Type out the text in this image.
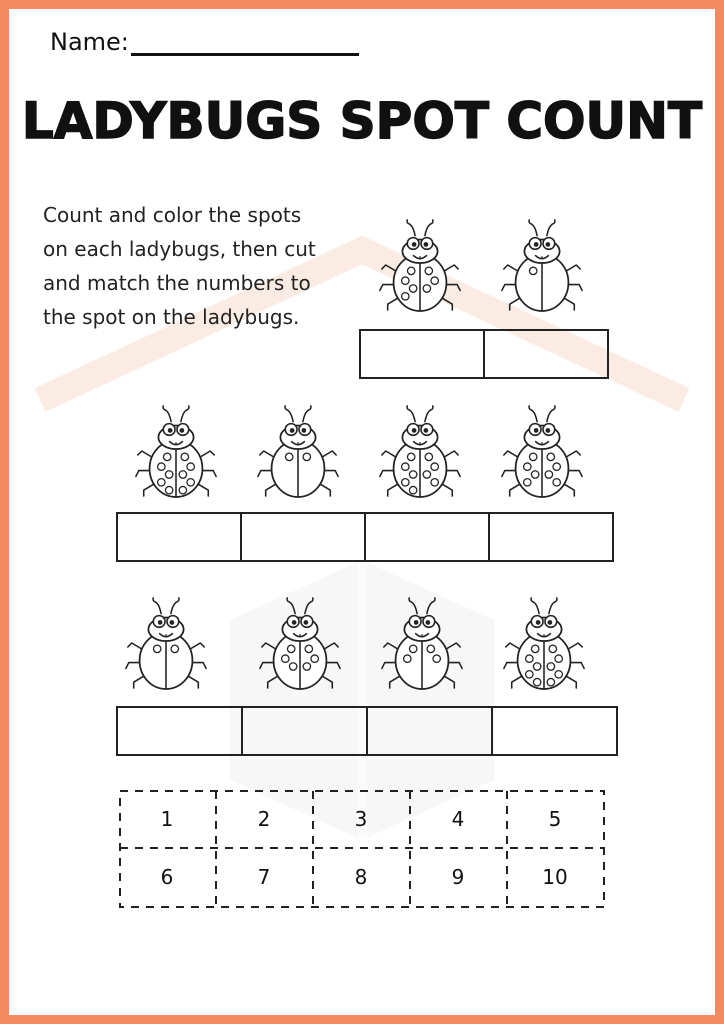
Name:
LADYBUGS SPOT COUNT
Count and color the spots
on each ladybugs, then cut
and match the numbers to
the spot on the ladybugs.
1	2	3	4	5
6	7	8	9	10
